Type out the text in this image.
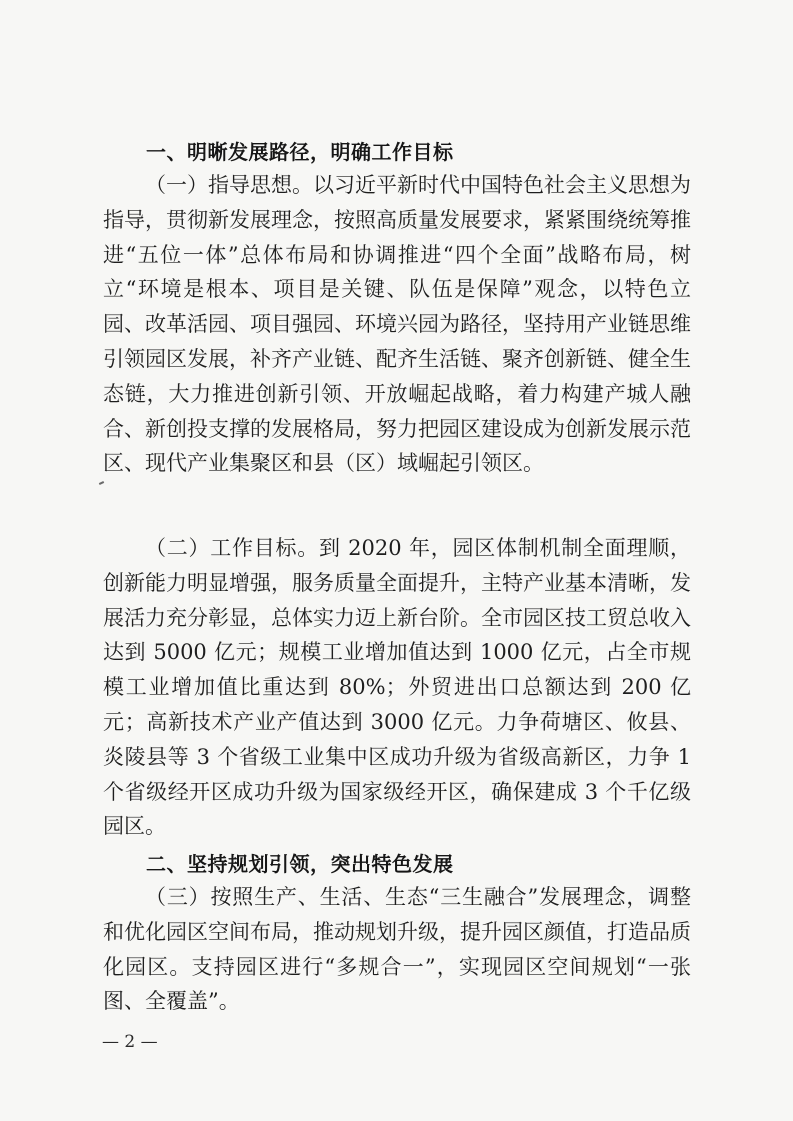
一、明晰发展路径，明确工作目标

（一）指导思想。以习近平新时代中国特色社会主义思想为指导，贯彻新发展理念，按照高质量发展要求，紧紧围绕统筹推进“五位一体”总体布局和协调推进“四个全面”战略布局，树立“环境是根本、项目是关键、队伍是保障”观念，以特色立园、改革活园、项目强园、环境兴园为路径，坚持用产业链思维引领园区发展，补齐产业链、配齐生活链、聚齐创新链、健全生态链，大力推进创新引领、开放崛起战略，着力构建产城人融合、新创投支撑的发展格局，努力把园区建设成为创新发展示范区、现代产业集聚区和县（区）域崛起引领区。

（二）工作目标。到 2020 年，园区体制机制全面理顺，创新能力明显增强，服务质量全面提升，主特产业基本清晰，发展活力充分彰显，总体实力迈上新台阶。全市园区技工贸总收入达到 5000 亿元；规模工业增加值达到 1000 亿元，占全市规模工业增加值比重达到 80%；外贸进出口总额达到 200 亿元；高新技术产业产值达到 3000 亿元。力争荷塘区、攸县、炎陵县等 3 个省级工业集中区成功升级为省级高新区，力争 1 个省级经开区成功升级为国家级经开区，确保建成 3 个千亿级园区。

二、坚持规划引领，突出特色发展

（三）按照生产、生活、生态“三生融合”发展理念，调整和优化园区空间布局，推动规划升级，提升园区颜值，打造品质化园区。支持园区进行“多规合一”，实现园区空间规划“一张图、全覆盖”。

— 2 —
